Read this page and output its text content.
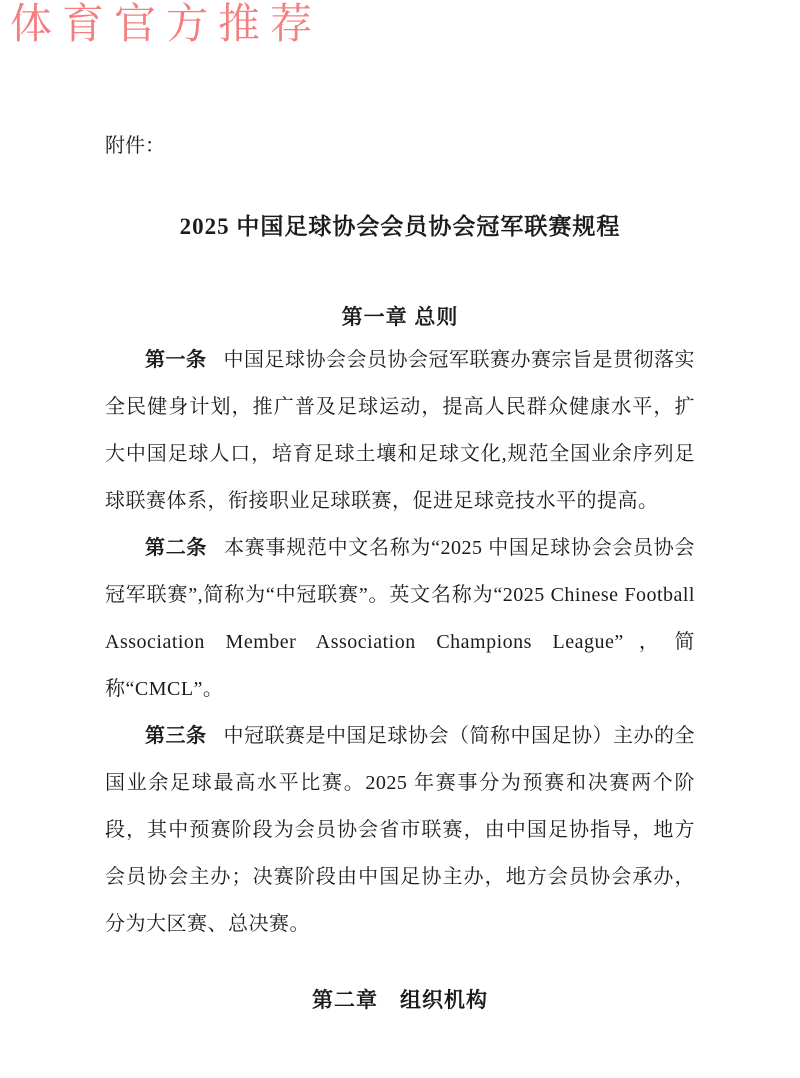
体育官方推荐
附件：
2025 中国足球协会会员协会冠军联赛规程
第一章 总则

第一条 中国足球协会会员协会冠军联赛办赛宗旨是贯彻落实全民健身计划，推广普及足球运动，提高人民群众健康水平，扩大中国足球人口，培育足球土壤和足球文化,规范全国业余序列足球联赛体系，衔接职业足球联赛，促进足球竞技水平的提高。

第二条 本赛事规范中文名称为“2025 中国足球协会会员协会冠军联赛”,简称为“中冠联赛”。英文名称为“2025 Chinese Football Association Member Association Champions League”，简称“CMCL”。

第三条 中冠联赛是中国足球协会（简称中国足协）主办的全国业余足球最高水平比赛。2025 年赛事分为预赛和决赛两个阶段，其中预赛阶段为会员协会省市联赛，由中国足协指导，地方会员协会主办；决赛阶段由中国足协主办，地方会员协会承办，分为大区赛、总决赛。

第二章　组织机构
